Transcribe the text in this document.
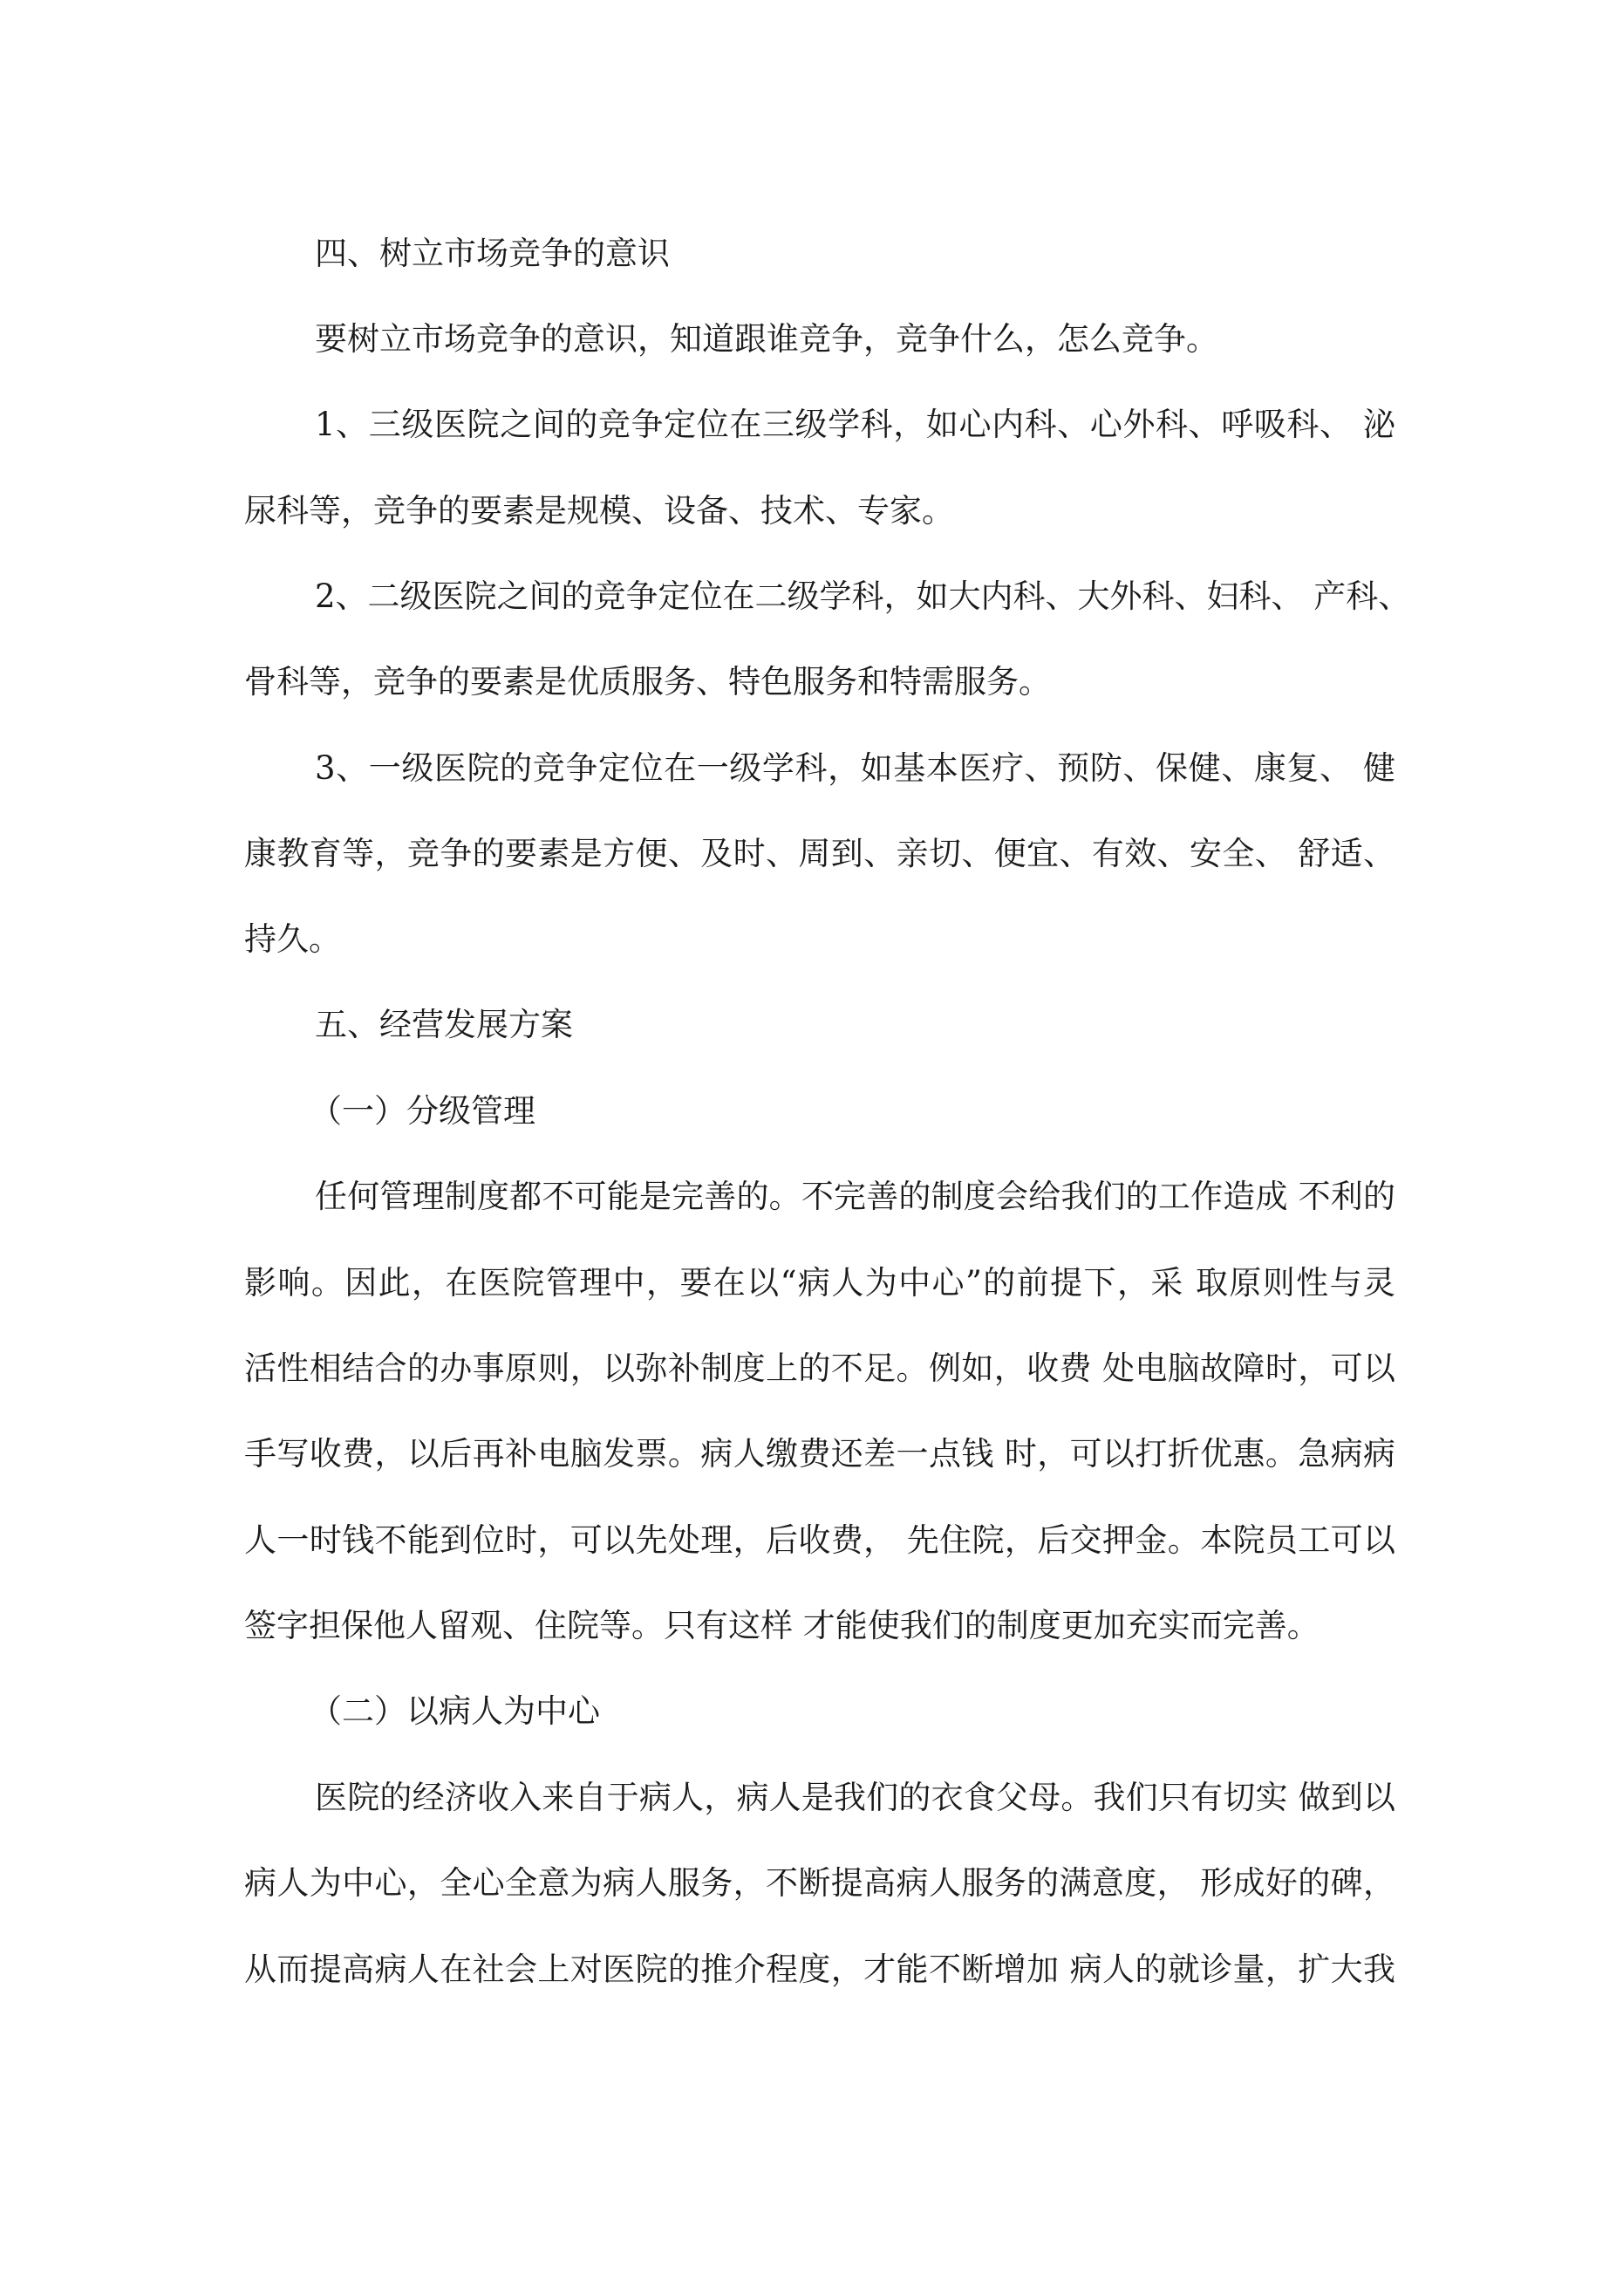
四、树立市场竞争的意识
要树立市场竞争的意识，知道跟谁竞争，竞争什么，怎么竞争。
1、三级医院之间的竞争定位在三级学科，如心内科、心外科、呼吸科、 泌
尿科等，竞争的要素是规模、设备、技术、专家。
2、二级医院之间的竞争定位在二级学科，如大内科、大外科、妇科、 产科、
骨科等，竞争的要素是优质服务、特色服务和特需服务。
3、一级医院的竞争定位在一级学科，如基本医疗、预防、保健、康复、 健
康教育等，竞争的要素是方便、及时、周到、亲切、便宜、有效、安全、 舒适、
持久。
五、经营发展方案
（一）分级管理
任何管理制度都不可能是完善的。不完善的制度会给我们的工作造成 不利的
影响。因此，在医院管理中，要在以“病人为中心”的前提下，采 取原则性与灵
活性相结合的办事原则，以弥补制度上的不足。例如，收费 处电脑故障时，可以
手写收费，以后再补电脑发票。病人缴费还差一点钱 时，可以打折优惠。急病病
人一时钱不能到位时，可以先处理，后收费， 先住院，后交押金。本院员工可以
签字担保他人留观、住院等。只有这样 才能使我们的制度更加充实而完善。
（二）以病人为中心
医院的经济收入来自于病人，病人是我们的衣食父母。我们只有切实 做到以
病人为中心，全心全意为病人服务，不断提高病人服务的满意度， 形成好的碑，
从而提高病人在社会上对医院的推介程度，才能不断增加 病人的就诊量，扩大我
